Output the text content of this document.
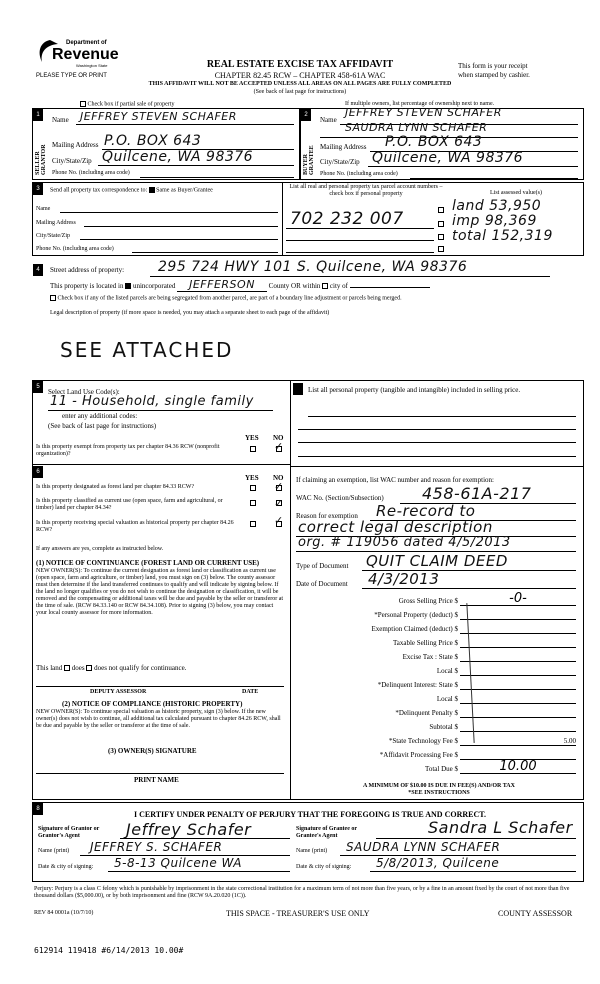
Department of
Revenue
Washington State
PLEASE TYPE OR PRINT
REAL ESTATE EXCISE TAX AFFIDAVIT
CHAPTER 82.45 RCW – CHAPTER 458-61A WAC
THIS AFFIDAVIT WILL NOT BE ACCEPTED UNLESS ALL AREAS ON ALL PAGES ARE FULLY COMPLETED
(See back of last page for instructions)
This form is your receipt
when stamped by cashier.
Check box if partial sale of property	If multiple owners, list percentage of ownership next to name.
1	2
SELLER GRANTOR	BUYER GRANTEE
Name JEFFREY STEVEN SCHAFER
Mailing Address P.O. BOX 643
City/State/Zip Quilcene, WA 98376
Phone No. (including area code)
Name
JEFFREY STEVEN SCHAFER
SAUDRA LYNN SCHAFER
Mailing Address P.O. BOX 643
City/State/Zip Quilcene, WA 98376
Phone No. (including area code)
3	Send all property tax correspondence to: Same as Buyer/Grantee
Name
Mailing Address
City/State/Zip
Phone No. (including area code)
List all real and personal property tax parcel account numbers – check box if personal property
702 232 007
List assessed value(s)
land 53,950
imp 98,369
total 152,319
4	Street address of property: 295 724 HWY 101 S. Quilcene, WA 98376
This property is located in unincorporated JEFFERSON County OR within city of
Check box if any of the listed parcels are being segregated from another parcel, are part of a boundary line adjustment or parcels being merged.
Legal description of property (if more space is needed, you may attach a separate sheet to each page of the affidavit)
SEE ATTACHED
5
Select Land Use Code(s):
11 - Household, single family
enter any additional codes:
(See back of last page for instructions)
YES NO
Is this property exempt from property tax per chapter 84.36 RCW (nonprofit organization)?
✓
6
YES NO
Is this property designated as forest land per chapter 84.33 RCW?
Is this property classified as current use (open space, farm and agricultural, or timber) land per chapter 84.34?
Is this property receiving special valuation as historical property per chapter 84.26 RCW?
✓
✓
✓
If any answers are yes, complete as instructed below.
(1) NOTICE OF CONTINUANCE (FOREST LAND OR CURRENT USE)
NEW OWNER(S): To continue the current designation as forest land or classification as current use (open space, farm and agriculture, or timber) land, you must sign on (3) below. The county assessor must then determine if the land transferred continues to qualify and will indicate by signing below. If the land no longer qualifies or you do not wish to continue the designation or classification, it will be removed and the compensating or additional taxes will be due and payable by the seller or transferor at the time of sale. (RCW 84.33.140 or RCW 84.34.108). Prior to signing (3) below, you may contact your local county assessor for more information.
This land does does not qualify for continuance.
DEPUTY ASSESSOR	DATE
(2) NOTICE OF COMPLIANCE (HISTORIC PROPERTY)
NEW OWNER(S): To continue special valuation as historic property, sign (3) below. If the new owner(s) does not wish to continue, all additional tax calculated pursuant to chapter 84.26 RCW, shall be due and payable by the seller or transferor at the time of sale.
(3) OWNER(S) SIGNATURE
PRINT NAME
List all personal property (tangible and intangible) included in selling price.
If claiming an exemption, list WAC number and reason for exemption:
WAC No. (Section/Subsection) 458-61A-217
Reason for exemption Re-record to
correct legal description
org. # 119056 dated 4/5/2013
Type of Document QUIT CLAIM DEED
Date of Document 4/3/2013
Gross Selling Price $	-0-
*Personal Property (deduct) $
Exemption Claimed (deduct) $
Taxable Selling Price $
Excise Tax : State $
Local $
*Delinquent Interest: State $
Local $
*Delinquent Penalty $
Subtotal $
*State Technology Fee $	5.00
*Affidavit Processing Fee $
Total Due $	10.00
A MINIMUM OF $10.00 IS DUE IN FEE(S) AND/OR TAX
*SEE INSTRUCTIONS
8
I CERTIFY UNDER PENALTY OF PERJURY THAT THE FOREGOING IS TRUE AND CORRECT.
Signature of Grantor or Grantor's Agent	Jeffrey Schafer
Name (print) JEFFREY S. SCHAFER
Date & city of signing: 5-8-13 Quilcene WA
Signature of Grantee or Grantee's Agent	Sandra L Schafer
Name (print) SAUDRA LYNN SCHAFER
Date & city of signing: 5/8/2013, Quilcene
Perjury: Perjury is a class C felony which is punishable by imprisonment in the state correctional institution for a maximum term of not more than five years, or by a fine in an amount fixed by the court of not more than five thousand dollars ($5,000.00), or by both imprisonment and fine (RCW 9A.20.020 (1C)).
REV 84 0001a (10/7/10)	THIS SPACE - TREASURER'S USE ONLY	COUNTY ASSESSOR
612914 119418 #6/14/2013 10.00#
